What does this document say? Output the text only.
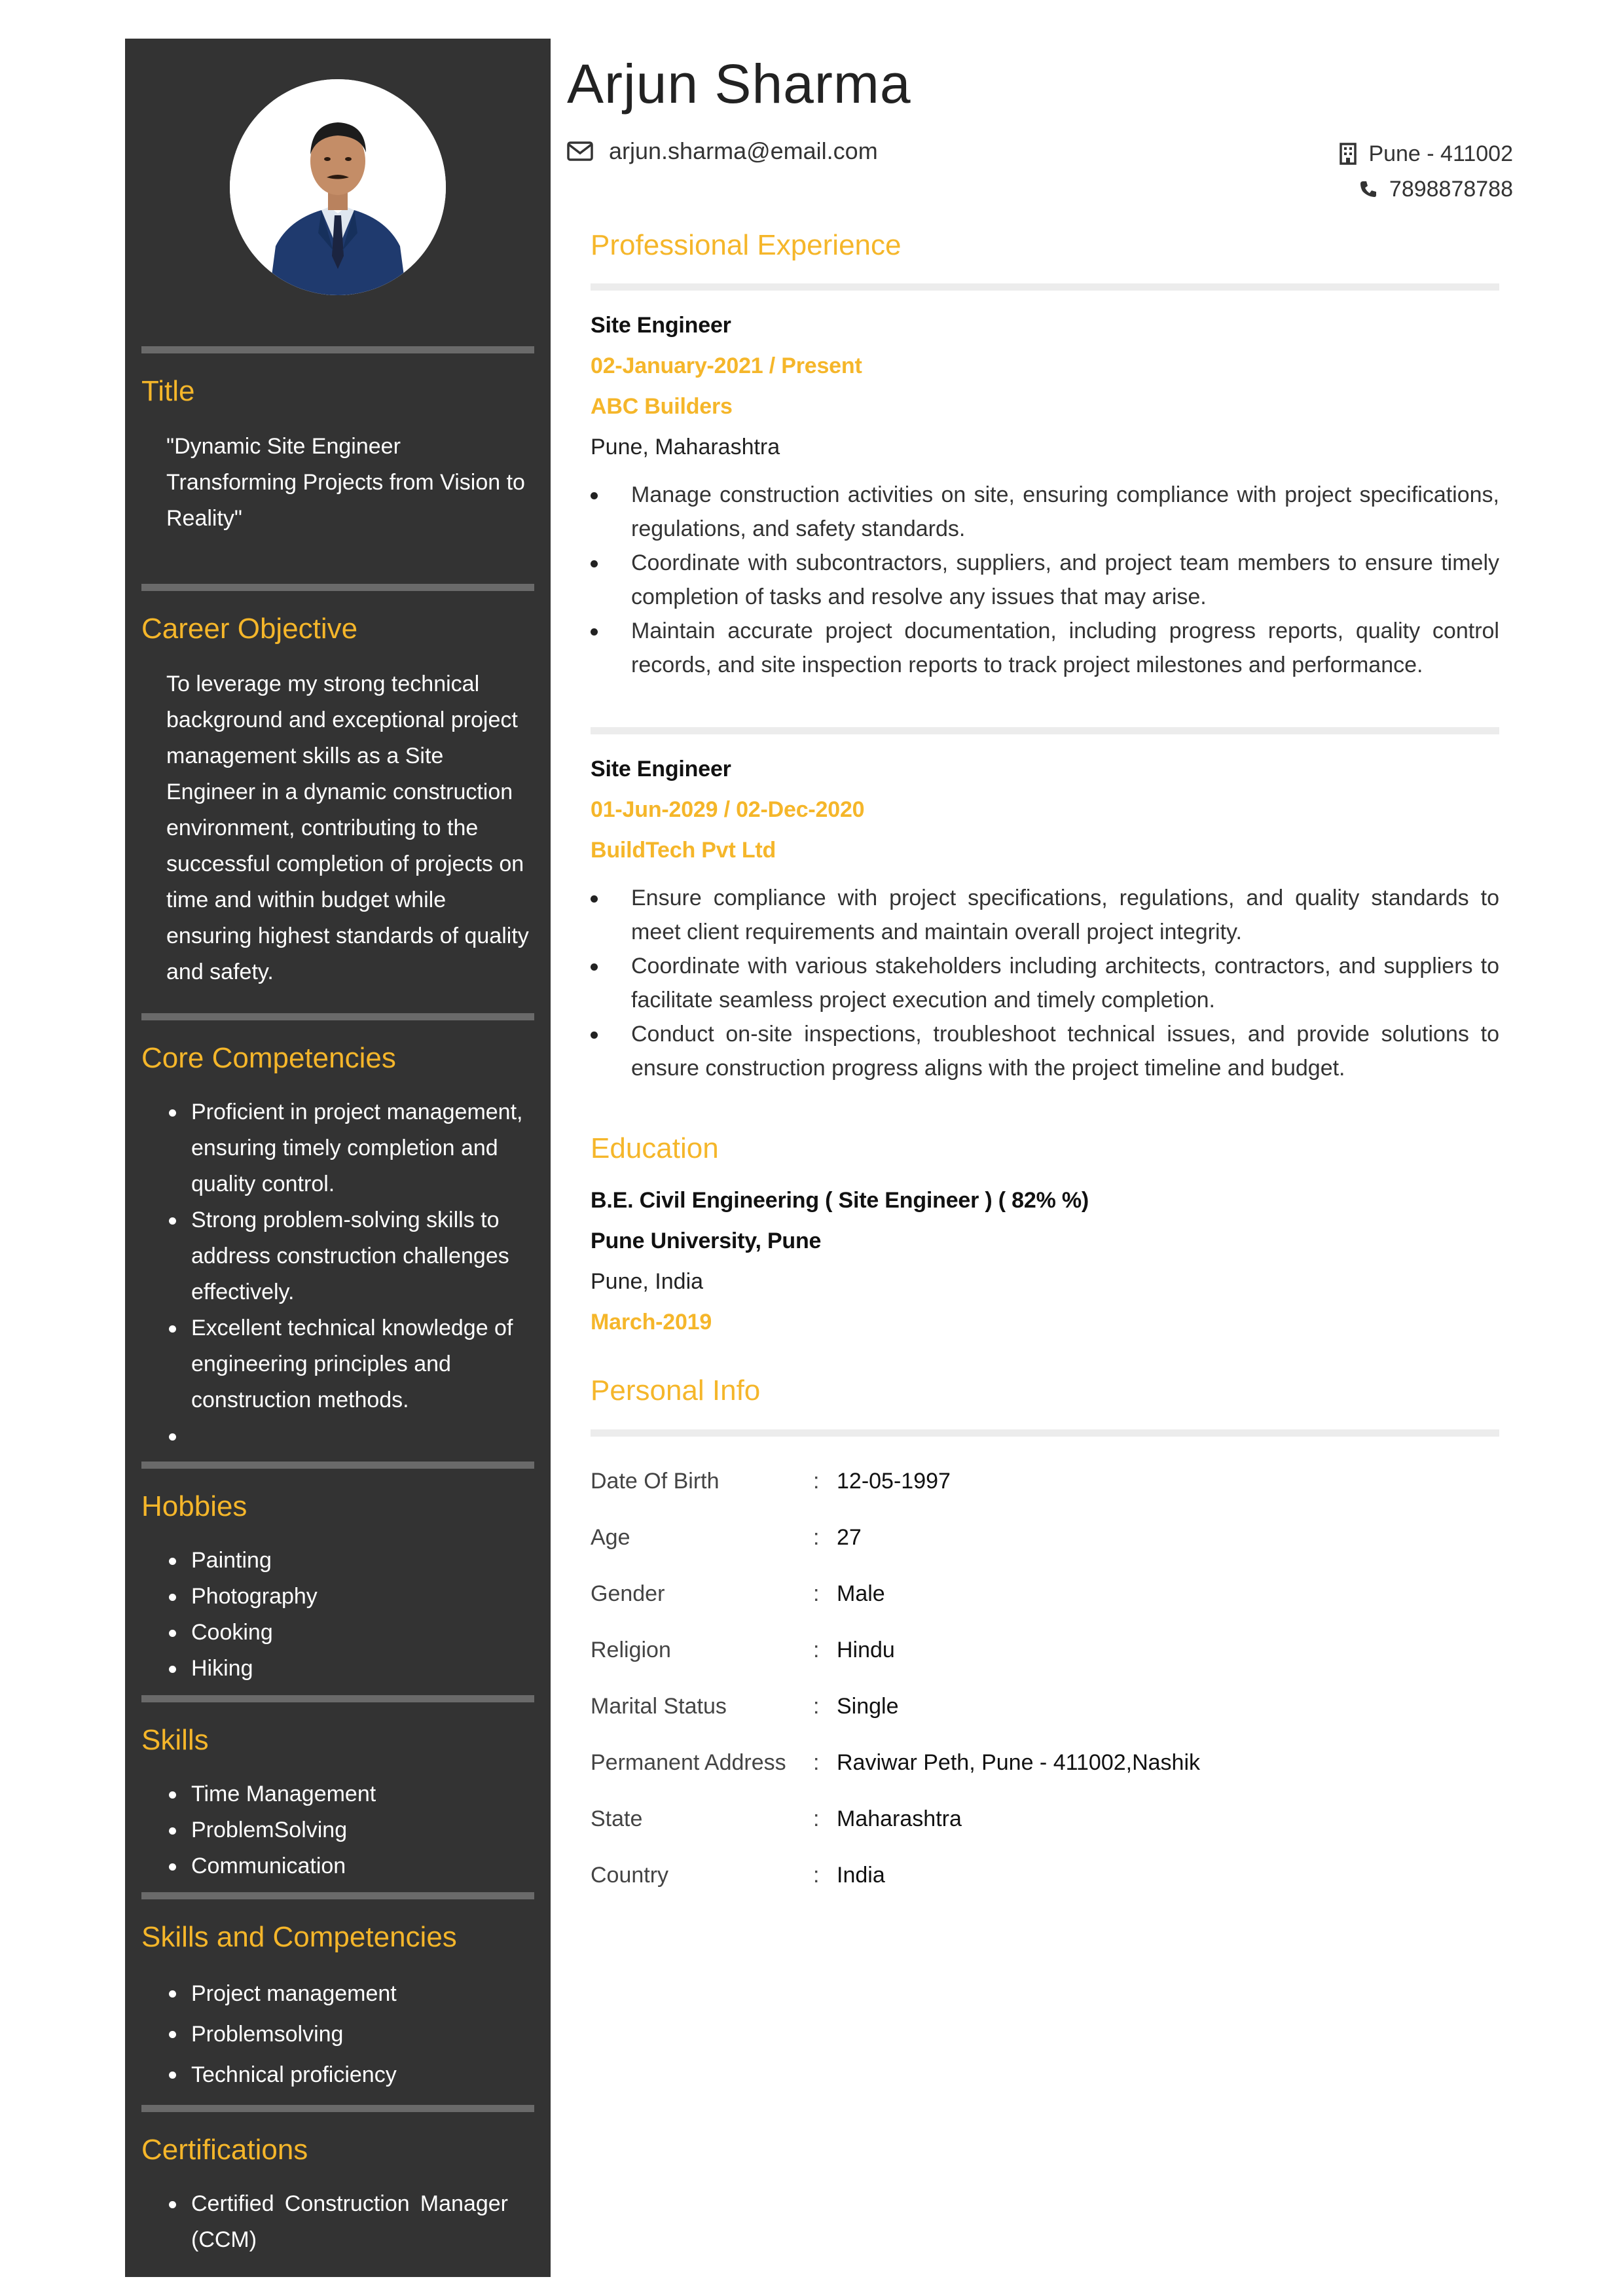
Title
"Dynamic Site Engineer Transforming Projects from Vision to Reality"
Career Objective
To leverage my strong technical background and exceptional project management skills as a Site Engineer in a dynamic construction environment, contributing to the successful completion of projects on time and within budget while ensuring highest standards of quality and safety.
Core Competencies
Proficient in project management, ensuring timely completion and quality control.
Strong problem-solving skills to address construction challenges effectively.
Excellent technical knowledge of engineering principles and construction methods.
Hobbies
Painting
Photography
Cooking
Hiking
Skills
Time Management
ProblemSolving
Communication
Skills and Competencies
Project management
Problemsolving
Technical proficiency
Certifications
Certified Construction Manager (CCM)
Arjun Sharma
arjun.sharma@email.com	Pune - 411002
7898878788
Professional Experience
Site Engineer
02-January-2021 / Present
ABC Builders
Pune, Maharashtra
Manage construction activities on site, ensuring compliance with project specifications, regulations, and safety standards.
Coordinate with subcontractors, suppliers, and project team members to ensure timely completion of tasks and resolve any issues that may arise.
Maintain accurate project documentation, including progress reports, quality control records, and site inspection reports to track project milestones and performance.
Site Engineer
01-Jun-2029 / 02-Dec-2020
BuildTech Pvt Ltd
Ensure compliance with project specifications, regulations, and quality standards to meet client requirements and maintain overall project integrity.
Coordinate with various stakeholders including architects, contractors, and suppliers to facilitate seamless project execution and timely completion.
Conduct on-site inspections, troubleshoot technical issues, and provide solutions to ensure construction progress aligns with the project timeline and budget.
Education
B.E. Civil Engineering ( Site Engineer ) ( 82% %)
Pune University, Pune
Pune, India
March-2019
Personal Info
Date Of Birth	: 12-05-1997
Age	: 27
Gender	: Male
Religion	: Hindu
Marital Status	: Single
Permanent Address	: Raviwar Peth, Pune - 411002,Nashik
State	: Maharashtra
Country	: India
